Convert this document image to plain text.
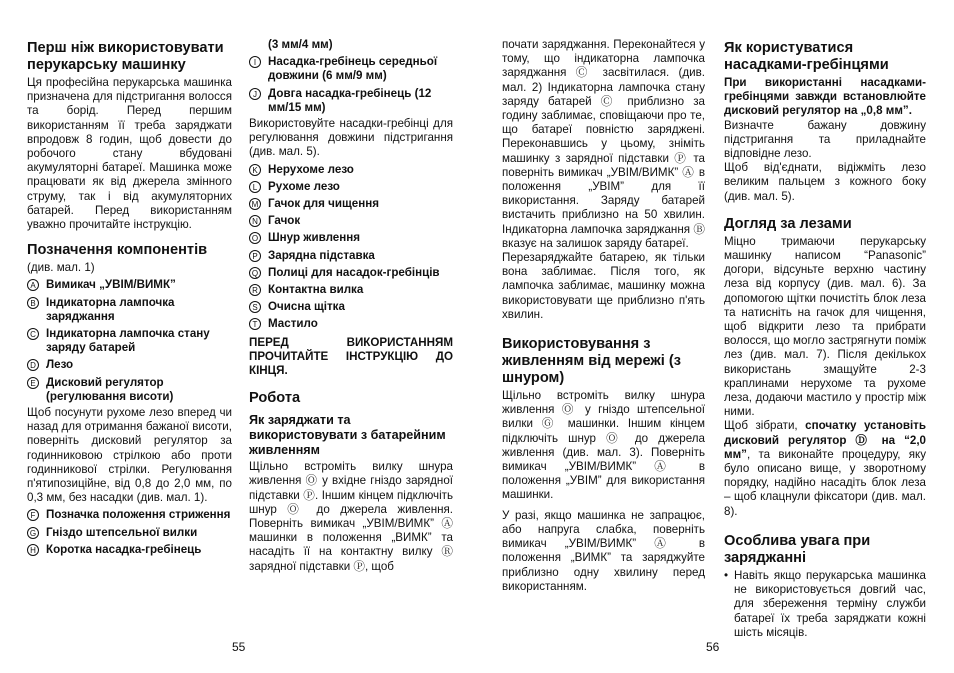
Перш ніж використовувати перукарську машинку

Ця професійна перукарська машинка призначена для підстригання волосся та борід. Перед першим використанням її треба заряджати впродовж 8 годин, щоб довести до робочого стану вбудовані акумуляторні батареї. Машинка може працювати як від джерела змінного струму, так і від акумуляторних батарей. Перед використанням уважно прочитайте інструкцію.

Позначення компонентів

(див. мал. 1)

A Вимикач „УВІМ/ВИМК”
B Індикаторна лампочка заряджання
C Індикаторна лампочка стану заряду батарей
D Лезо
E Дисковий регулятор (регулювання висоти)

Щоб посунути рухоме лезо вперед чи назад для отримання бажаної висоти, поверніть дисковий регулятор за годинниковою стрілкою або проти годинникової стрілки. Регулювання п'ятипозиційне, від 0,8 до 2,0 мм, по 0,3 мм, без насадки (див. мал. 1).

F Позначка положення стриження
G Гніздо штепсельної вилки
H Коротка насадка-гребінець

(3 мм/4 мм)

I	Насадка-гребінець середньої довжини (6 мм/9 мм)
J Довга насадка-гребінець (12 мм/15 мм)

Використовуйте насадки-гребінці для регулювання довжини підстригання (див. мал. 5).

K Нерухоме лезо
L Рухоме лезо
M Гачок для чищення
N Гачок
O Шнур живлення
P Зарядна підставка
Q Полиці для насадок-гребінців
R Контактна вилка
S Очисна щітка
T Мастило

ПЕРЕД ВИКОРИСТАННЯМ ПРОЧИТАЙТЕ ІНСТРУКЦІЮ ДО КІНЦЯ.

Робота
Як заряджати та використовувати з батарейним живленням

Щільно встроміть вилку шнура живлення Ⓞ у вхідне гніздо зарядної підставки Ⓟ. Іншим кінцем підключіть шнур Ⓞ до джерела живлення. Поверніть вимикач „УВІМ/ВИМК” Ⓐ машинки в положення „ВИМК” та насадіть її на контактну вилку Ⓡ зарядної підставки Ⓟ, щоб

почати заряджання. Переконайтеся у тому, що індикаторна лампочка заряджання Ⓒ засвітилася. (див. мал. 2) Індикаторна лампочка стану заряду батарей Ⓒ приблизно за годину заблимає, сповіщаючи про те, що батареї повністю заряджені. Переконавшись у цьому, зніміть машинку з зарядної підставки Ⓟ та поверніть вимикач „УВІМ/ВИМК” Ⓐ в положення „УВІМ” для її використання. Заряду батарей вистачить приблизно на 50 хвилин. Індикаторна лампочка заряджання Ⓑ вказує на залишок заряду батареї.

Перезаряджайте батарею, як тільки вона заблимає. Після того, як лампочка заблимає, машинку можна використовувати ще приблизно п'ять хвилин.

Використовування з живленням від мережі (з шнуром)

Щільно встроміть вилку шнура живлення Ⓞ у гніздо штепсельної вилки Ⓖ машинки. Іншим кінцем підключіть шнур Ⓞ до джерела живлення (див. мал. 3). Поверніть вимикач „УВІМ/ВИМК” Ⓐ в положення „УВІМ” для використання машинки.

У разі, якщо машинка не запрацює, або напруга слабка, поверніть вимикач „УВІМ/ВИМК” Ⓐ в положення „ВИМК” та заряджуйте приблизно одну хвилину перед використанням.

Як користуватися насадками-гребінцями

При використанні насадками-гребінцями завжди встановлюйте дисковий регулятор на „0,8 мм”.

Визначте бажану довжину підстригання та приладнайте відповідне лезо.

Щоб від'єднати, відіжміть лезо великим пальцем з кожного боку (див. мал. 5).

Догляд за лезами

Міцно тримаючи перукарську машинку написом “Panasonic” догори, відсуньте верхню частину леза від корпусу (див. мал. 6). За допомогою щітки почистіть блок леза та натисніть на гачок для чищення, щоб відкрити лезо та прибрати волосся, що могло застрягнути поміж лез (див. мал. 7). Після декількох використань змащуйте 2-3 краплинами нерухоме та рухоме леза, додаючи мастило у простір між ними.

Щоб зібрати, спочатку установіть дисковий регулятор Ⓓ на “2,0 мм”, та виконайте процедуру, яку було описано вище, у зворотному порядку, надійно насадіть блок леза – щоб клацнули фіксатори (див. мал. 8).

Особлива увага при заряджанні
• Навіть якщо перукарська машинка не використовується довгий час, для збереження терміну служби батареї їх треба заряджати кожні шість місяців.

55	56
